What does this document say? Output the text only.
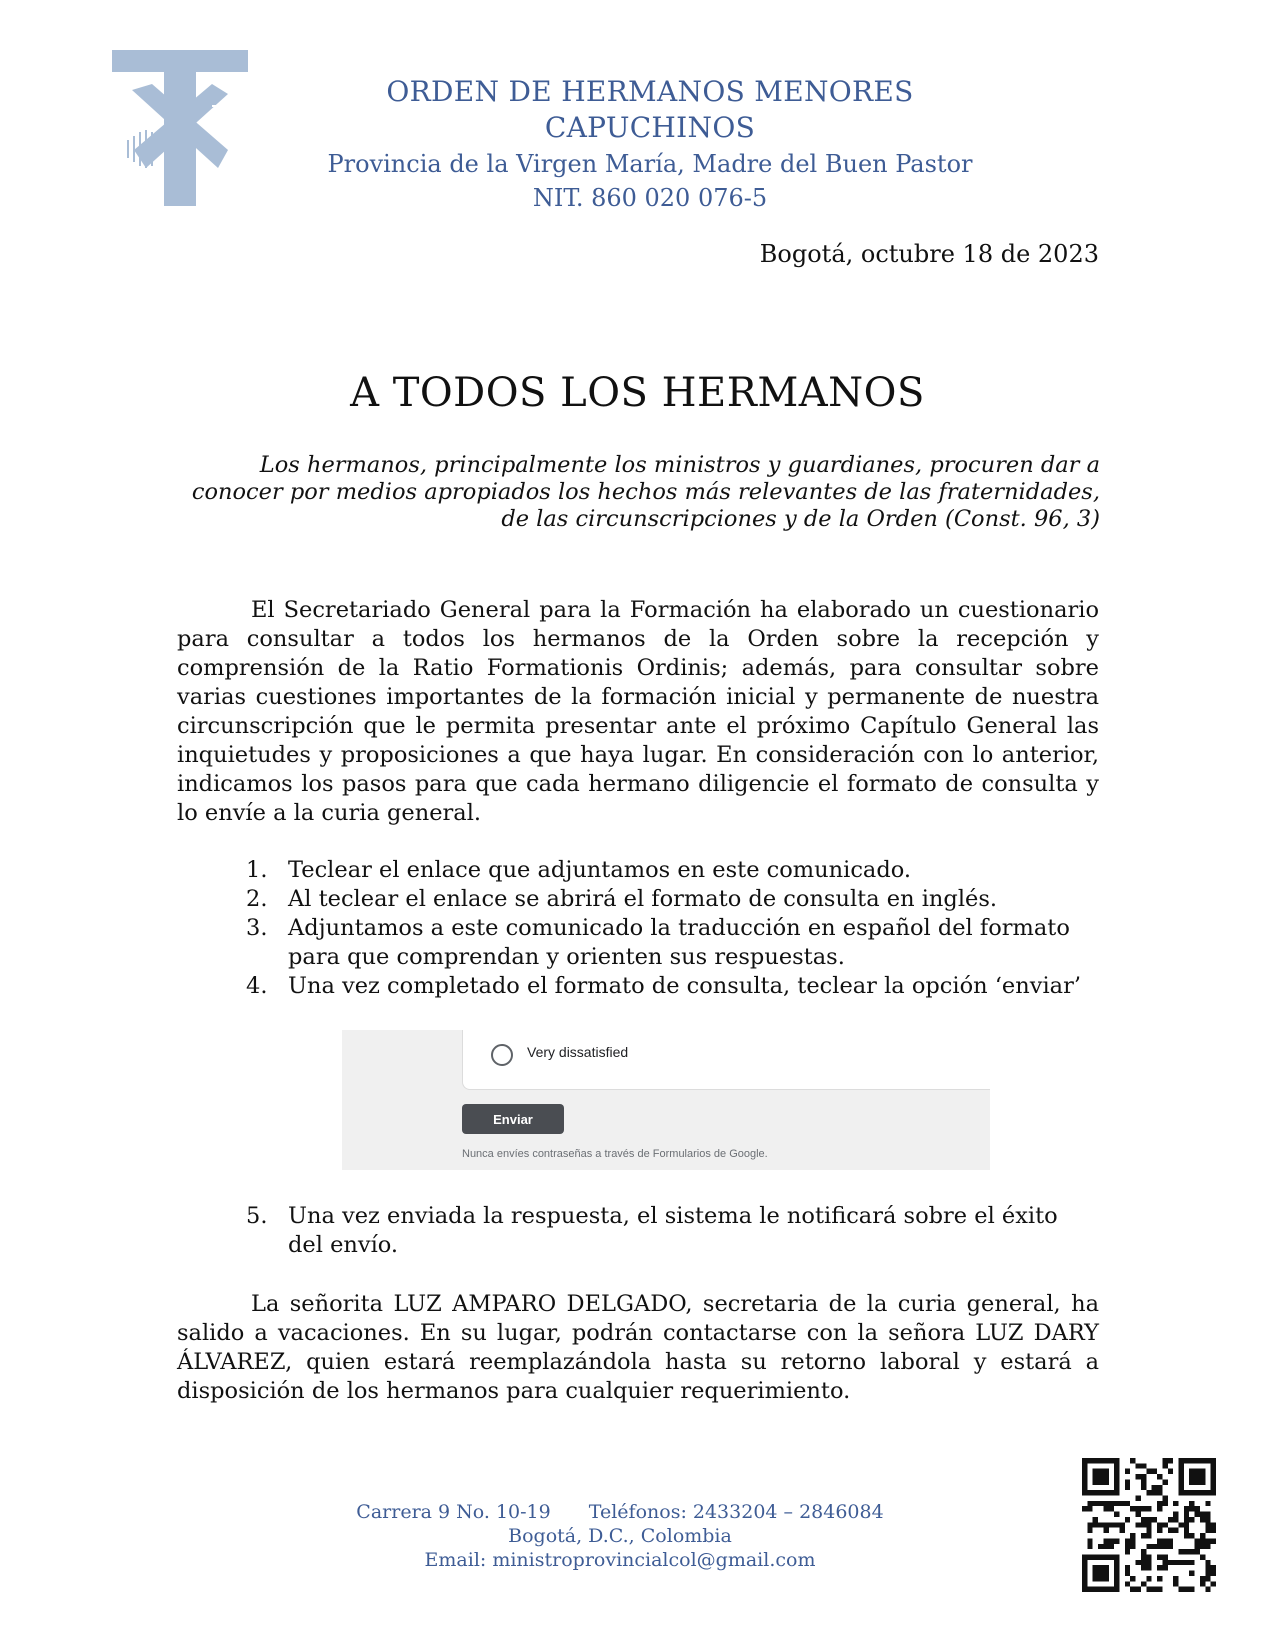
ORDEN DE HERMANOS MENORES CAPUCHINOS
Provincia de la Virgen María, Madre del Buen Pastor
NIT. 860 020 076-5
Bogotá, octubre 18 de 2023
A TODOS LOS HERMANOS
Los hermanos, principalmente los ministros y guardianes, procuren dar a conocer por medios apropiados los hechos más relevantes de las fraternidades, de las circunscripciones y de la Orden (Const. 96, 3)
El Secretariado General para la Formación ha elaborado un cuestionario para consultar a todos los hermanos de la Orden sobre la recepción y comprensión de la Ratio Formationis Ordinis; además, para consultar sobre varias cuestiones importantes de la formación inicial y permanente de nuestra circunscripción que le permita presentar ante el próximo Capítulo General las inquietudes y proposiciones a que haya lugar. En consideración con lo anterior, indicamos los pasos para que cada hermano diligencie el formato de consulta y lo envíe a la curia general.
1. Teclear el enlace que adjuntamos en este comunicado.
2. Al teclear el enlace se abrirá el formato de consulta en inglés.
3. Adjuntamos a este comunicado la traducción en español del formato para que comprendan y orienten sus respuestas.
4. Una vez completado el formato de consulta, teclear la opción ‘enviar’
Very dissatisfied
Enviar
Nunca envíes contraseñas a través de Formularios de Google.
5. Una vez enviada la respuesta, el sistema le notificará sobre el éxito del envío.
La señorita LUZ AMPARO DELGADO, secretaria de la curia general, ha salido a vacaciones. En su lugar, podrán contactarse con la señora LUZ DARY ÁLVAREZ, quien estará reemplazándola hasta su retorno laboral y estará a disposición de los hermanos para cualquier requerimiento.
Carrera 9 No. 10-19 Teléfonos: 2433204 – 2846084 Bogotá, D.C., Colombia
Email: ministroprovincialcol@gmail.com
